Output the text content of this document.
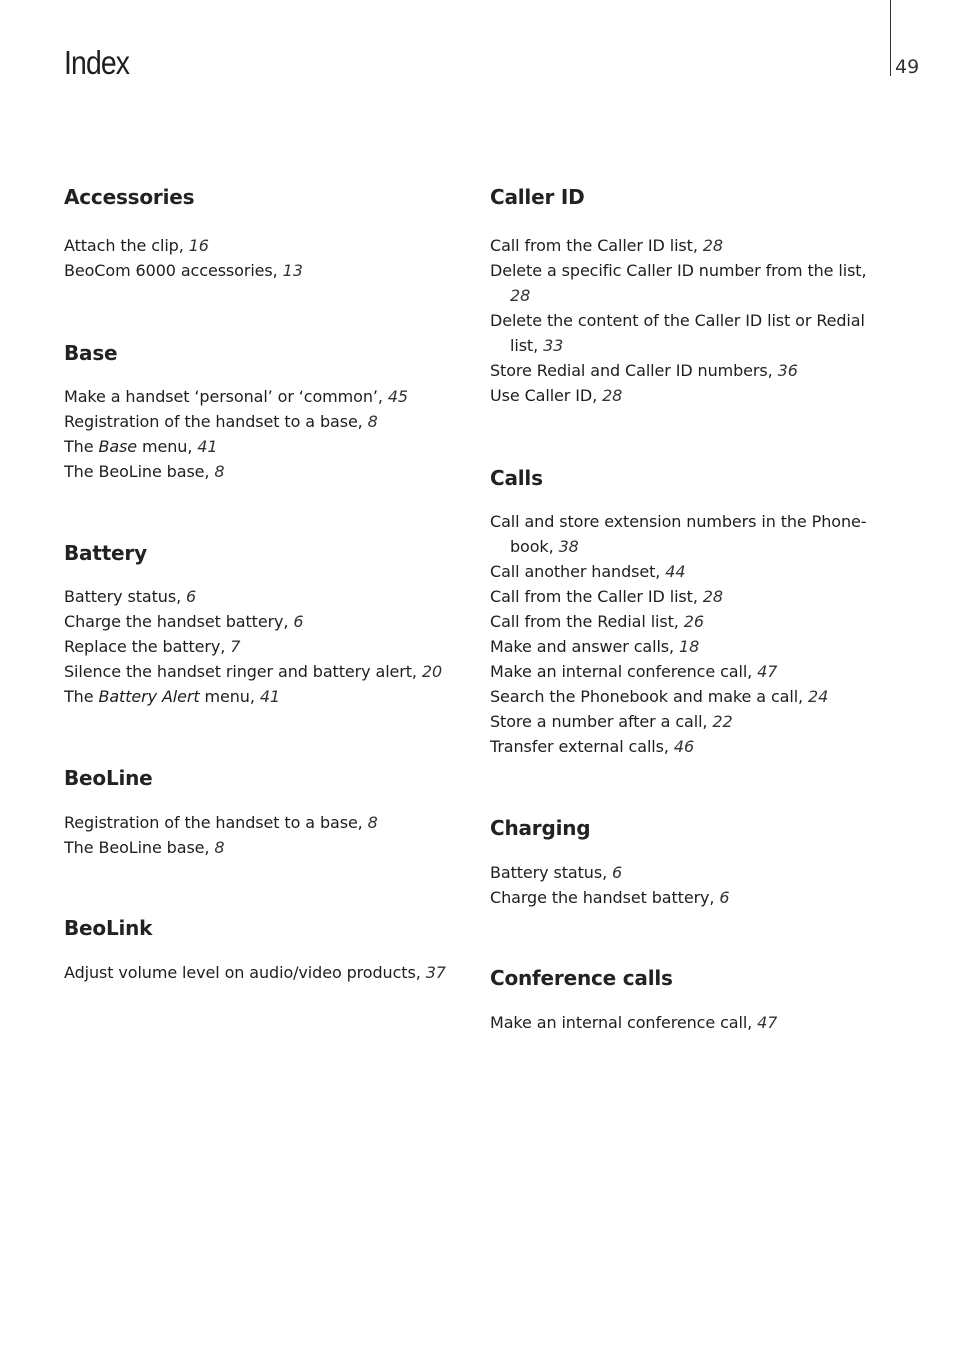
Index	49
Accessories
Attach the clip, 16
BeoCom 6000 accessories, 13
Base
Make a handset ‘personal’ or ‘common’, 45
Registration of the handset to a base, 8
The Base menu, 41
The BeoLine base, 8
Battery
Battery status, 6
Charge the handset battery, 6
Replace the battery, 7
Silence the handset ringer and battery alert, 20
The Battery Alert menu, 41
BeoLine
Registration of the handset to a base, 8
The BeoLine base, 8
BeoLink
Adjust volume level on audio/video products, 37
Caller ID
Call from the Caller ID list, 28
Delete a specific Caller ID number from the list, 28
Delete the content of the Caller ID list or Redial list, 33
Store Redial and Caller ID numbers, 36
Use Caller ID, 28
Calls
Call and store extension numbers in the Phone-book, 38
Call another handset, 44
Call from the Caller ID list, 28
Call from the Redial list, 26
Make and answer calls, 18
Make an internal conference call, 47
Search the Phonebook and make a call, 24
Store a number after a call, 22
Transfer external calls, 46
Charging
Battery status, 6
Charge the handset battery, 6
Conference calls
Make an internal conference call, 47
